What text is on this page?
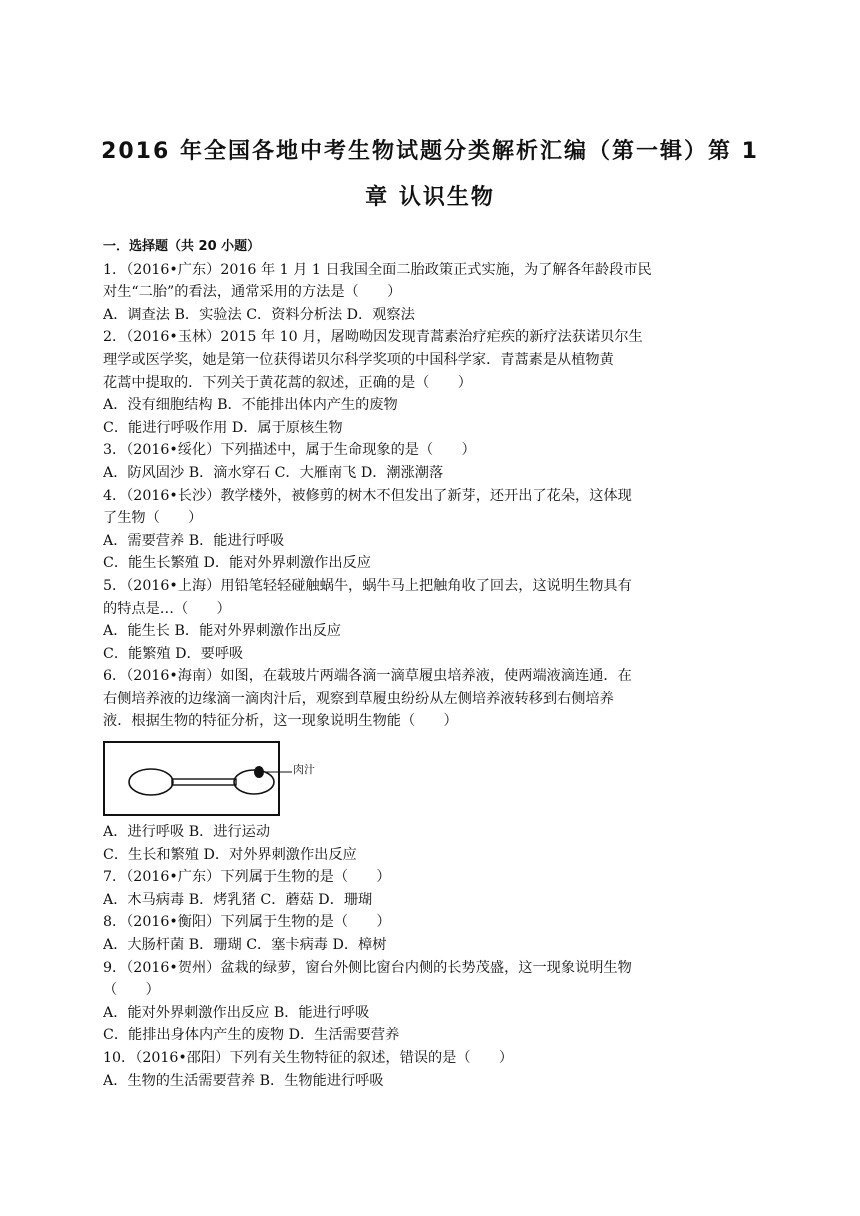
2016 年全国各地中考生物试题分类解析汇编（第一辑）第 1
章 认识生物
一．选择题（共 20 小题）
1．（2016•广东）2016 年 1 月 1 日我国全面二胎政策正式实施，为了解各年龄段市民
对生“二胎”的看法，通常采用的方法是（　　）
A．调查法 B．实验法 C．资料分析法 D．观察法
2．（2016•玉林）2015 年 10 月，屠呦呦因发现青蒿素治疗疟疾的新疗法获诺贝尔生
理学或医学奖，她是第一位获得诺贝尔科学奖项的中国科学家．青蒿素是从植物黄
花蒿中提取的．下列关于黄花蒿的叙述，正确的是（　　）
A．没有细胞结构 B．不能排出体内产生的废物
C．能进行呼吸作用 D．属于原核生物
3．（2016•绥化）下列描述中，属于生命现象的是（　　）
A．防风固沙 B．滴水穿石 C．大雁南飞 D．潮涨潮落
4．（2016•长沙）教学楼外，被修剪的树木不但发出了新芽，还开出了花朵，这体现
了生物（　　）
A．需要营养 B．能进行呼吸
C．能生长繁殖 D．能对外界刺激作出反应
5．（2016•上海）用铅笔轻轻碰触蜗牛，蜗牛马上把触角收了回去，这说明生物具有
的特点是…（　　）
A．能生长 B．能对外界刺激作出反应
C．能繁殖 D．要呼吸
6．（2016•海南）如图，在载玻片两端各滴一滴草履虫培养液，使两端液滴连通．在
右侧培养液的边缘滴一滴肉汁后，观察到草履虫纷纷从左侧培养液转移到右侧培养
液．根据生物的特征分析，这一现象说明生物能（　　）
肉汁
A．进行呼吸 B．进行运动
C．生长和繁殖 D．对外界刺激作出反应
7．（2016•广东）下列属于生物的是（　　）
A．木马病毒 B．烤乳猪 C．蘑菇 D．珊瑚
8．（2016•衡阳）下列属于生物的是（　　）
A．大肠杆菌 B．珊瑚 C．塞卡病毒 D．樟树
9．（2016•贺州）盆栽的绿萝，窗台外侧比窗台内侧的长势茂盛，这一现象说明生物
（　　）
A．能对外界刺激作出反应 B．能进行呼吸
C．能排出身体内产生的废物 D．生活需要营养
10．（2016•邵阳）下列有关生物特征的叙述，错误的是（　　）
A．生物的生活需要营养 B．生物能进行呼吸
